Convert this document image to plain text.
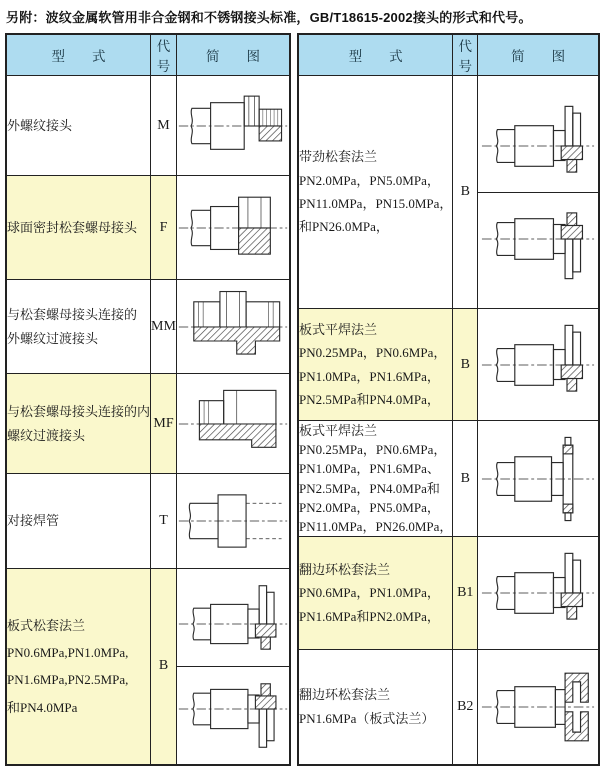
另附：波纹金属软管用非合金钢和不锈钢接头标准，GB/T18615-2002接头的形式和代号。
型　　式	代号	简　　图

外螺纹接头	M	

球面密封松套螺母接头	F	

与松套螺母接头连接的
外螺纹过渡接头	MM	

与松套螺母接头连接的内
螺纹过渡接头	MF	

对接焊管	T	

板式松套法兰
PN0.6MPa,PN1.0MPa,
PN1.6MPa,PN2.5MPa,
和PN4.0MPa	B	
型　　式	代号	简　　图

带劲松套法兰
PN2.0MPa，PN5.0MPa，
PN11.0MPa，PN15.0MPa，
和PN26.0MPa，	B	

板式平焊法兰
PN0.25MPa，PN0.6MPa，
PN1.0MPa，PN1.6MPa，
PN2.5MPa和PN4.0MPa，	B	

板式平焊法兰
PN0.25MPa，PN0.6MPa，
PN1.0MPa，PN1.6MPa、
PN2.5MPa，PN4.0MPa和
PN2.0MPa，PN5.0MPa，
PN11.0MPa，PN26.0MPa，
	B	

翻边环松套法兰
PN0.6MPa，PN1.0MPa，
PN1.6MPa和PN2.0MPa，	B1	

翻边环松套法兰
PN1.6MPa（板式法兰）	B2	
